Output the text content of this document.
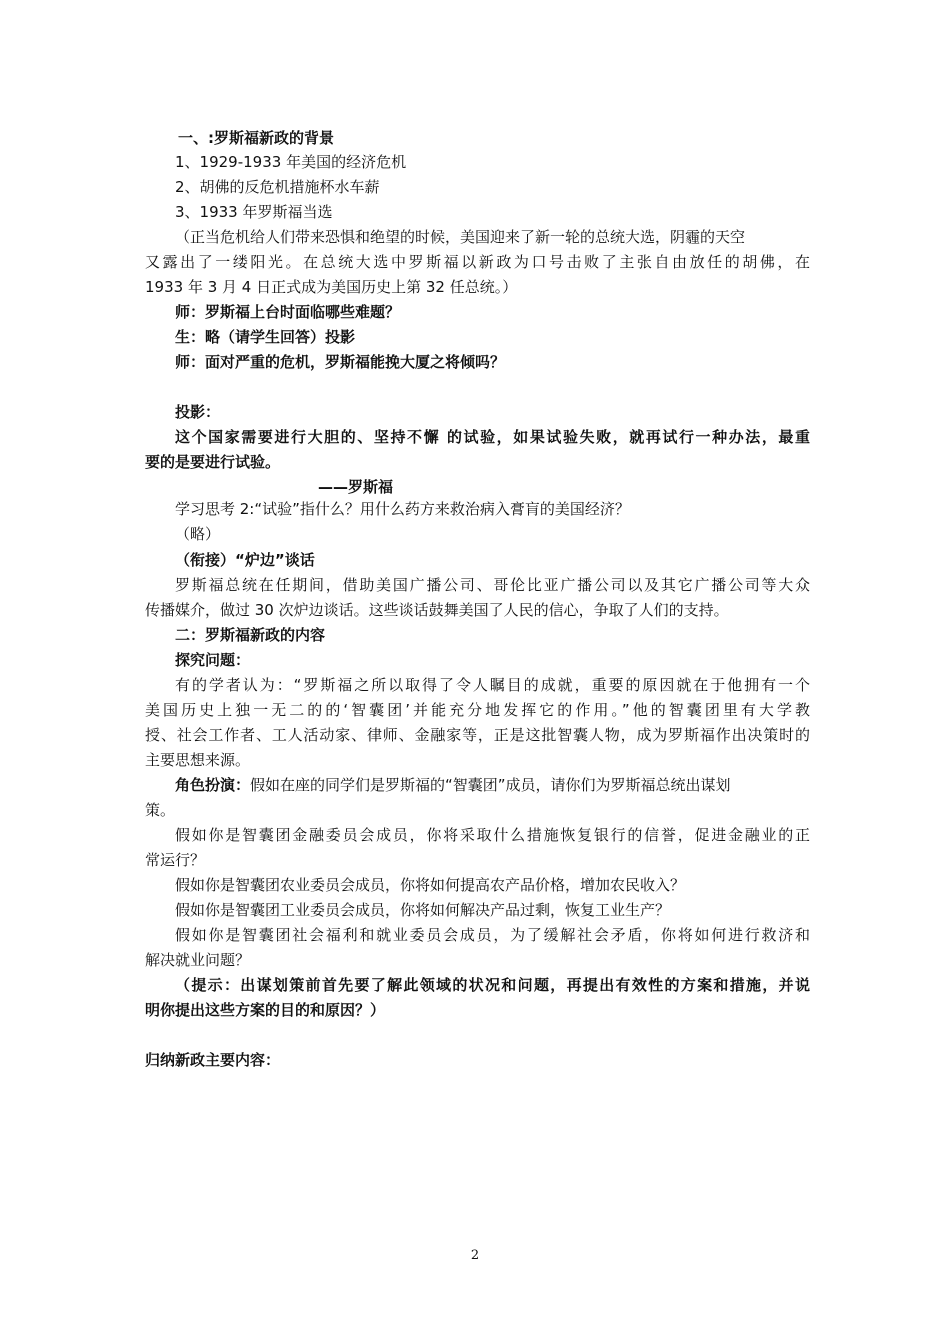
一、:罗斯福新政的背景
1、1929-1933 年美国的经济危机
2、胡佛的反危机措施杯水车薪
3、1933 年罗斯福当选
（正当危机给人们带来恐惧和绝望的时候，美国迎来了新一轮的总统大选，阴霾的天空
又露出了一缕阳光。在总统大选中罗斯福以新政为口号击败了主张自由放任的胡佛，在
1933 年 3 月 4 日正式成为美国历史上第 32 任总统。）
师：罗斯福上台时面临哪些难题？
生：略（请学生回答）投影
师：面对严重的危机，罗斯福能挽大厦之将倾吗？
投影：
这个国家需要进行大胆的、坚持不懈 的试验，如果试验失败，就再试行一种办法，最重
要的是要进行试验。
——罗斯福
学习思考 2:“试验”指什么？用什么药方来救治病入膏肓的美国经济？
（略）
（衔接）“炉边”谈话
罗斯福总统在任期间，借助美国广播公司、哥伦比亚广播公司以及其它广播公司等大众
传播媒介，做过 30 次炉边谈话。这些谈话鼓舞美国了人民的信心，争取了人们的支持。
二：罗斯福新政的内容
探究问题：
有的学者认为：“罗斯福之所以取得了令人瞩目的成就，重要的原因就在于他拥有一个
美国历史上独一无二的的‘智囊团’并能充分地发挥它的作用。”他的智囊团里有大学教
授、社会工作者、工人活动家、律师、金融家等，正是这批智囊人物，成为罗斯福作出决策时的
主要思想来源。
角色扮演：假如在座的同学们是罗斯福的“智囊团”成员，请你们为罗斯福总统出谋划
策。
假如你是智囊团金融委员会成员，你将采取什么措施恢复银行的信誉，促进金融业的正
常运行？
假如你是智囊团农业委员会成员，你将如何提高农产品价格，增加农民收入？
假如你是智囊团工业委员会成员，你将如何解决产品过剩，恢复工业生产？
假如你是智囊团社会福利和就业委员会成员，为了缓解社会矛盾，你将如何进行救济和
解决就业问题？
（提示：出谋划策前首先要了解此领域的状况和问题，再提出有效性的方案和措施，并说
明你提出这些方案的目的和原因？）
归纳新政主要内容：
2
